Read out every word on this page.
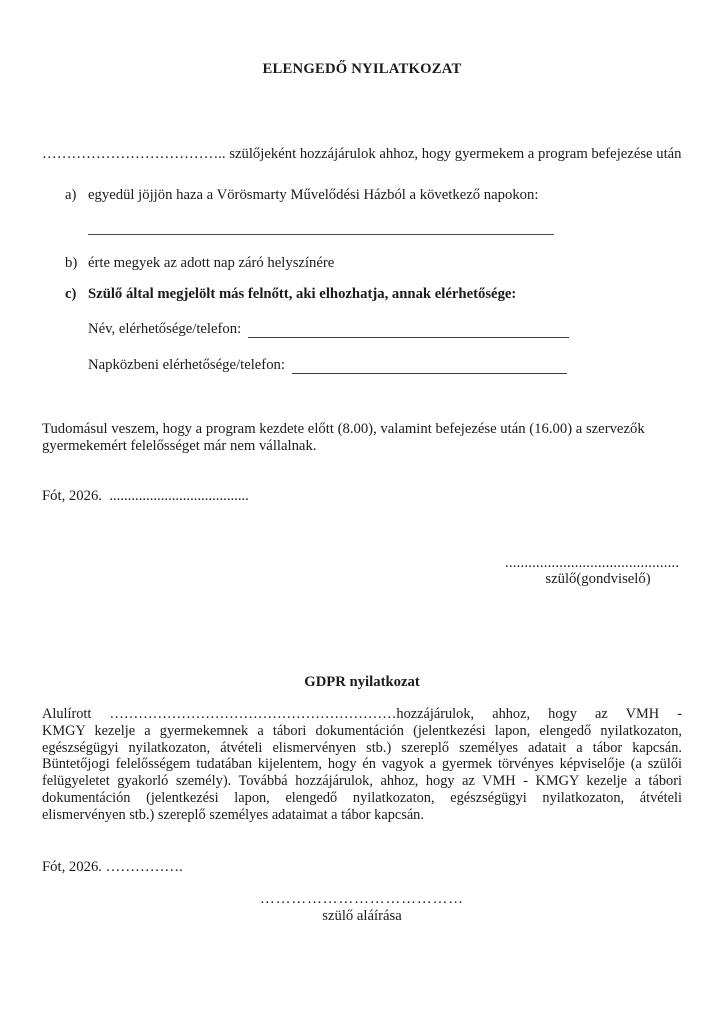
ELENGEDŐ NYILATKOZAT
……………………………….. szülőjeként hozzájárulok ahhoz, hogy gyermekem a program befejezése után
a) egyedül jöjjön haza a Vörösmarty Művelődési Házból a következő napokon:
b) érte megyek az adott nap záró helyszínére
c) Szülő által megjelölt más felnőtt, aki elhozhatja, annak elérhetősége:
Név, elérhetősége/telefon:
Napközbeni elérhetősége/telefon:
Tudomásul veszem, hogy a program kezdete előtt (8.00), valamint befejezése után (16.00) a szervezők
gyermekemért felelősséget már nem vállalnak.
Fót, 2026.  ......................................
.............................................
szülő(gondviselő)
GDPR nyilatkozat
Alulírott ……………………………………………………hozzájárulok, ahhoz, hogy az VMH -
KMGY kezelje a gyermekemnek a tábori dokumentáción (jelentkezési lapon, elengedő nyilatkozaton,
egészségügyi nyilatkozaton, átvételi elismervényen stb.) szereplő személyes adatait a tábor kapcsán.
Büntetőjogi felelősségem tudatában kijelentem, hogy én vagyok a gyermek törvényes képviselője (a szülői
felügyeletet gyakorló személy). Továbbá hozzájárulok, ahhoz, hogy az VMH - KMGY kezelje a tábori
dokumentáción (jelentkezési lapon, elengedő nyilatkozaton, egészségügyi nyilatkozaton, átvételi
elismervényen stb.) szereplő személyes adataimat a tábor kapcsán.
Fót, 2026. …………….
…………………………………
szülő aláírása
